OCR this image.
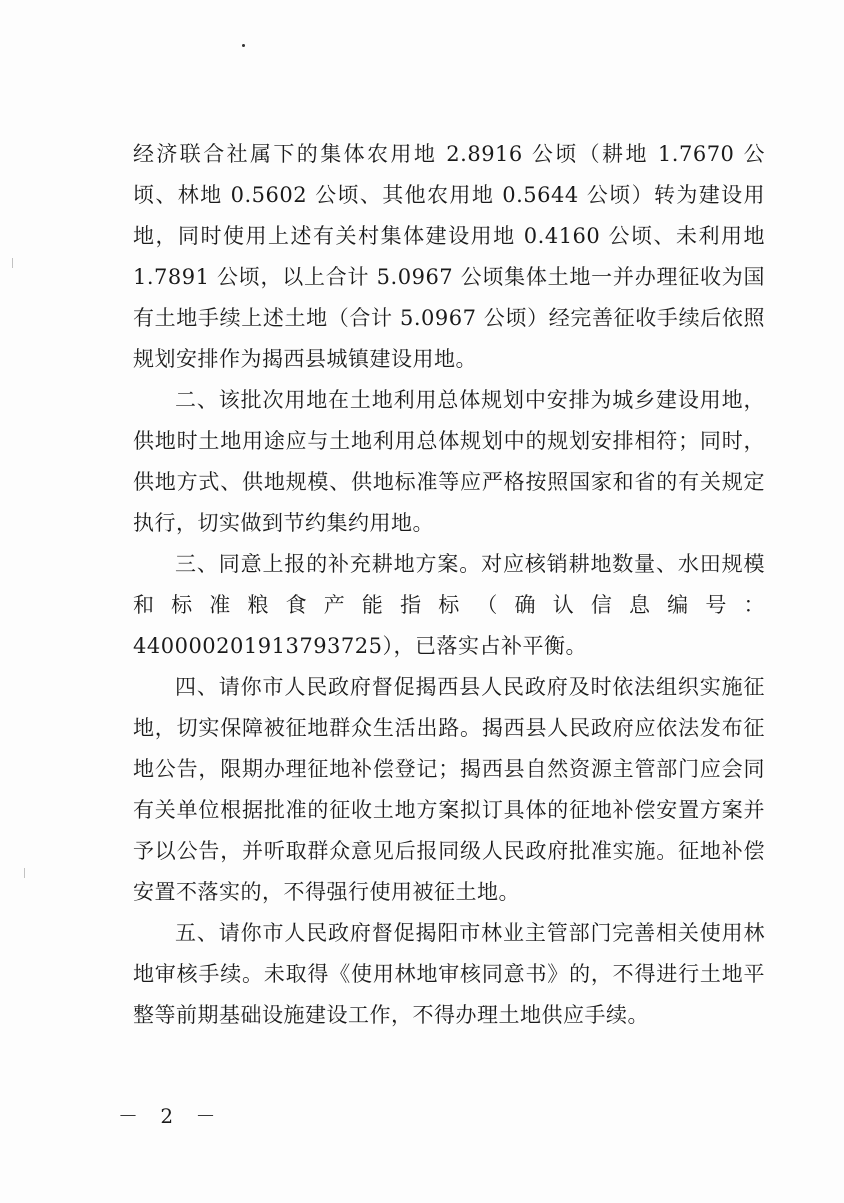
经济联合社属下的集体农用地 2.8916 公顷（耕地 1.7670 公顷、林地 0.5602 公顷、其他农用地 0.5644 公顷）转为建设用地，同时使用上述有关村集体建设用地 0.4160 公顷、未利用地 1.7891 公顷，以上合计 5.0967 公顷集体土地一并办理征收为国有土地手续上述土地（合计 5.0967 公顷）经完善征收手续后依照规划安排作为揭西县城镇建设用地。

二、该批次用地在土地利用总体规划中安排为城乡建设用地，供地时土地用途应与土地利用总体规划中的规划安排相符；同时，供地方式、供地规模、供地标准等应严格按照国家和省的有关规定执行，切实做到节约集约用地。

三、同意上报的补充耕地方案。对应核销耕地数量、水田规模和标准粮食产能指标（确认信息编号：440000201913793725），已落实占补平衡。

四、请你市人民政府督促揭西县人民政府及时依法组织实施征地，切实保障被征地群众生活出路。揭西县人民政府应依法发布征地公告，限期办理征地补偿登记；揭西县自然资源主管部门应会同有关单位根据批准的征收土地方案拟订具体的征地补偿安置方案并予以公告，并听取群众意见后报同级人民政府批准实施。征地补偿安置不落实的，不得强行使用被征土地。

五、请你市人民政府督促揭阳市林业主管部门完善相关使用林地审核手续。未取得《使用林地审核同意书》的，不得进行土地平整等前期基础设施建设工作，不得办理土地供应手续。

－ 2 －
